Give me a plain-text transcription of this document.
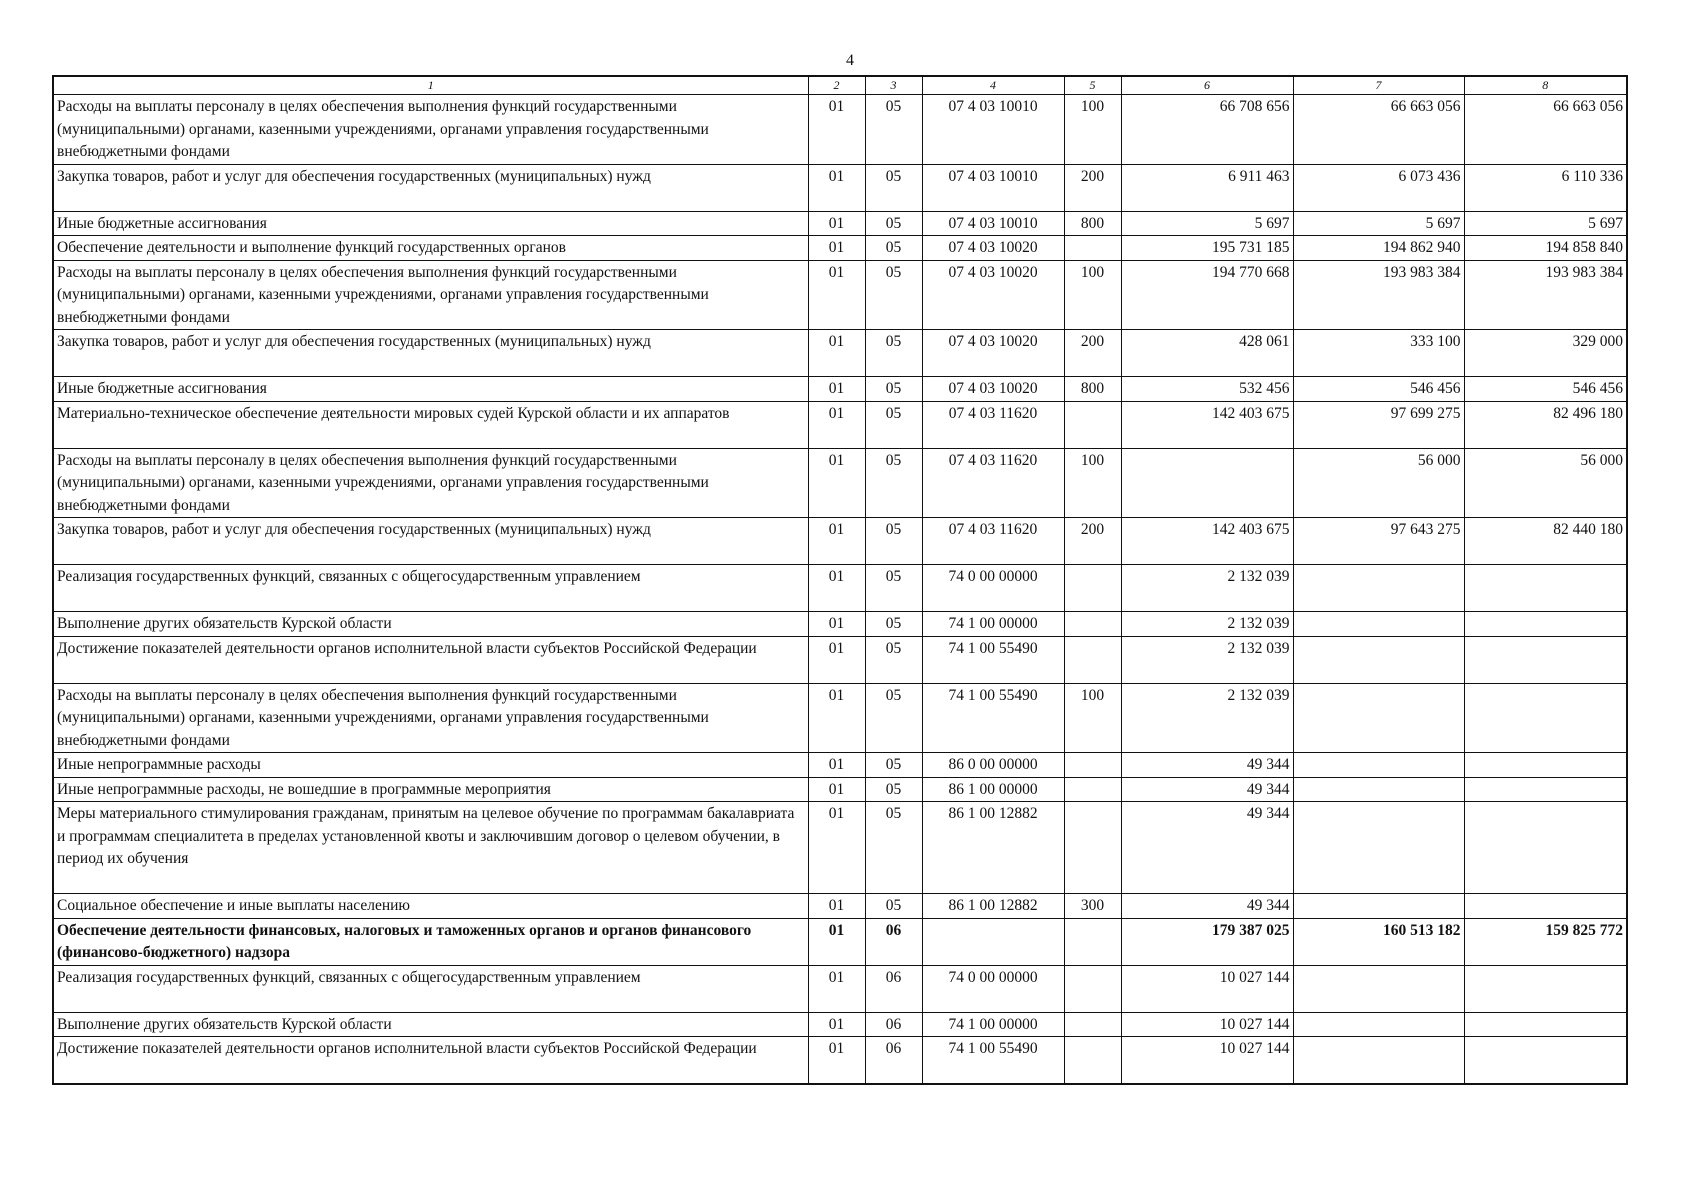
4
1	2	3	4	5	6	7	8
Расходы на выплаты персоналу в целях обеспечения выполнения функций государственными (муниципальными) органами, казенными учреждениями, органами управления государственными внебюджетными фондами	01	05	07 4 03 10010	100	66 708 656	66 663 056	66 663 056
Закупка товаров, работ и услуг для обеспечения государственных (муниципальных) нужд	01	05	07 4 03 10010	200	6 911 463	6 073 436	6 110 336
Иные бюджетные ассигнования	01	05	07 4 03 10010	800	5 697	5 697	5 697
Обеспечение деятельности и выполнение функций государственных органов	01	05	07 4 03 10020		195 731 185	194 862 940	194 858 840
Расходы на выплаты персоналу в целях обеспечения выполнения функций государственными (муниципальными) органами, казенными учреждениями, органами управления государственными внебюджетными фондами	01	05	07 4 03 10020	100	194 770 668	193 983 384	193 983 384
Закупка товаров, работ и услуг для обеспечения государственных (муниципальных) нужд	01	05	07 4 03 10020	200	428 061	333 100	329 000
Иные бюджетные ассигнования	01	05	07 4 03 10020	800	532 456	546 456	546 456
Материально-техническое обеспечение деятельности мировых судей Курской области и их аппаратов	01	05	07 4 03 11620		142 403 675	97 699 275	82 496 180
Расходы на выплаты персоналу в целях обеспечения выполнения функций государственными (муниципальными) органами, казенными учреждениями, органами управления государственными внебюджетными фондами	01	05	07 4 03 11620	100		56 000	56 000
Закупка товаров, работ и услуг для обеспечения государственных (муниципальных) нужд	01	05	07 4 03 11620	200	142 403 675	97 643 275	82 440 180
Реализация государственных функций, связанных с общегосударственным управлением	01	05	74 0 00 00000		2 132 039		
Выполнение других обязательств Курской области	01	05	74 1 00 00000		2 132 039		
Достижение показателей деятельности органов исполнительной власти субъектов Российской Федерации	01	05	74 1 00 55490		2 132 039		
Расходы на выплаты персоналу в целях обеспечения выполнения функций государственными (муниципальными) органами, казенными учреждениями, органами управления государственными внебюджетными фондами	01	05	74 1 00 55490	100	2 132 039		
Иные непрограммные расходы	01	05	86 0 00 00000		49 344		
Иные непрограммные расходы, не вошедшие в программные мероприятия	01	05	86 1 00 00000		49 344		
Меры материального стимулирования гражданам, принятым на целевое обучение по программам бакалавриата и программам специалитета в пределах установленной квоты и заключившим договор о целевом обучении, в период их обучения	01	05	86 1 00 12882		49 344		
Социальное обеспечение и иные выплаты населению	01	05	86 1 00 12882	300	49 344		
Обеспечение деятельности финансовых, налоговых и таможенных органов и органов финансового (финансово-бюджетного) надзора	01	06			179 387 025	160 513 182	159 825 772
Реализация государственных функций, связанных с общегосударственным управлением	01	06	74 0 00 00000		10 027 144		
Выполнение других обязательств Курской области	01	06	74 1 00 00000		10 027 144		
Достижение показателей деятельности органов исполнительной власти субъектов Российской Федерации	01	06	74 1 00 55490		10 027 144		
